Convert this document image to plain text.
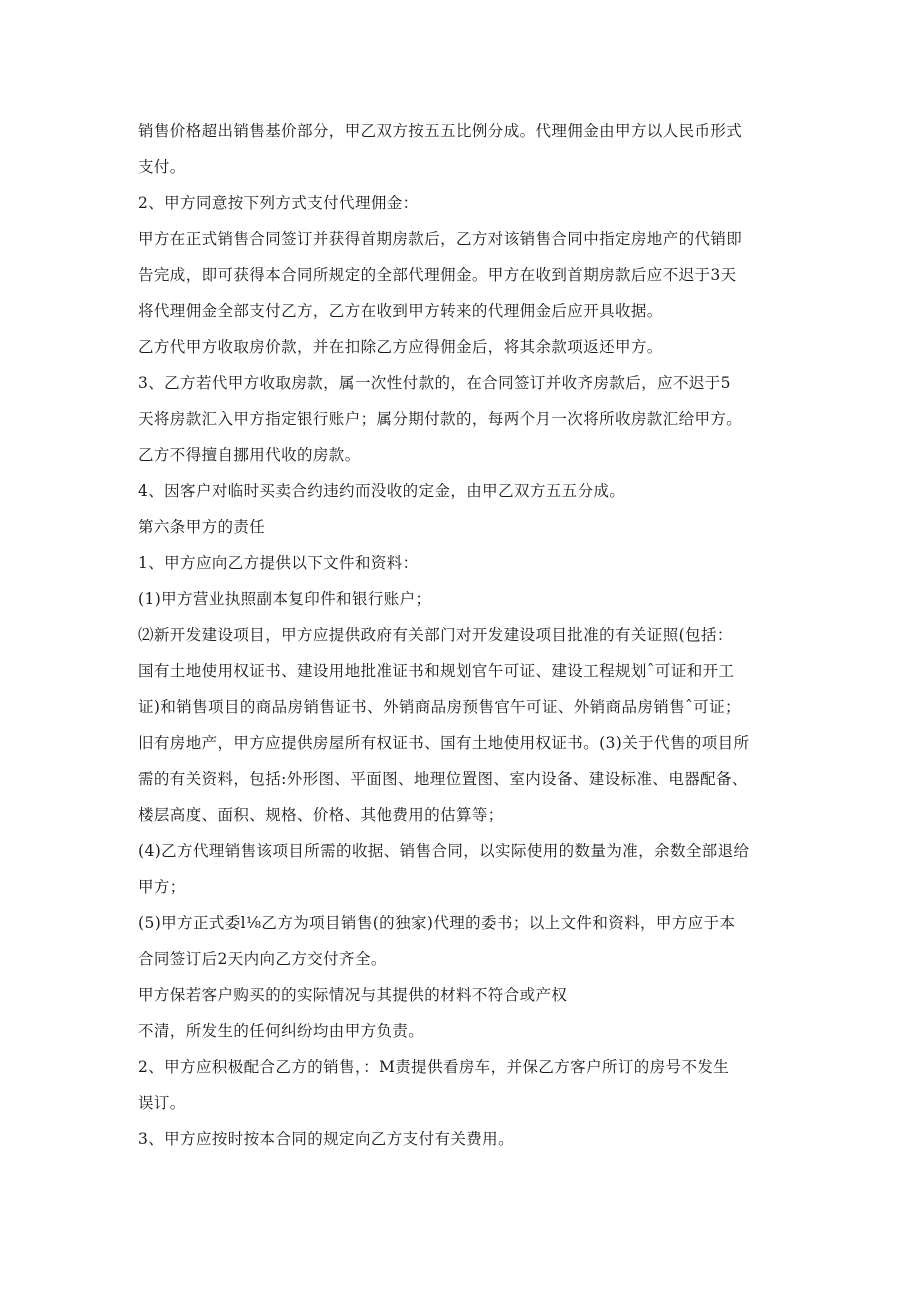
销售价格超出销售基价部分，甲乙双方按五五比例分成。代理佣金由甲方以人民币形式
支付。
2、甲方同意按下列方式支付代理佣金：
甲方在正式销售合同签订并获得首期房款后，乙方对该销售合同中指定房地产的代销即
告完成，即可获得本合同所规定的全部代理佣金。甲方在收到首期房款后应不迟于3天
将代理佣金全部支付乙方，乙方在收到甲方转来的代理佣金后应开具收据。
乙方代甲方收取房价款，并在扣除乙方应得佣金后，将其余款项返还甲方。
3、乙方若代甲方收取房款，属一次性付款的，在合同签订并收齐房款后，应不迟于5
天将房款汇入甲方指定银行账户；属分期付款的，每两个月一次将所收房款汇给甲方。
乙方不得擅自挪用代收的房款。
4、因客户对临时买卖合约违约而没收的定金，由甲乙双方五五分成。
第六条甲方的责任
1、甲方应向乙方提供以下文件和资料：
(1)甲方营业执照副本复印件和银行账户；
⑵新开发建设项目，甲方应提供政府有关部门对开发建设项目批准的有关证照(包括：
国有土地使用权证书、建设用地批准证书和规划官午可证、建设工程规划ˆ可证和开工
证)和销售项目的商品房销售证书、外销商品房预售官午可证、外销商品房销售ˆ可证；
旧有房地产，甲方应提供房屋所有权证书、国有土地使用权证书。(3)关于代售的项目所
需的有关资料，包括:外形图、平面图、地理位置图、室内设备、建设标准、电器配备、
楼层高度、面积、规格、价格、其他费用的估算等；
(4)乙方代理销售该项目所需的收据、销售合同，以实际使用的数量为准，余数全部退给
甲方；
(5)甲方正式委l⅛乙方为项目销售(的独家)代理的委书；以上文件和资料，甲方应于本
合同签订后2天内向乙方交付齐全。
甲方保若客户购买的的实际情况与其提供的材料不符合或产权
不清，所发生的任何纠纷均由甲方负责。
2、甲方应积极配合乙方的销售，：M责提供看房车，并保乙方客户所订的房号不发生
误订。
3、甲方应按时按本合同的规定向乙方支付有关费用。
